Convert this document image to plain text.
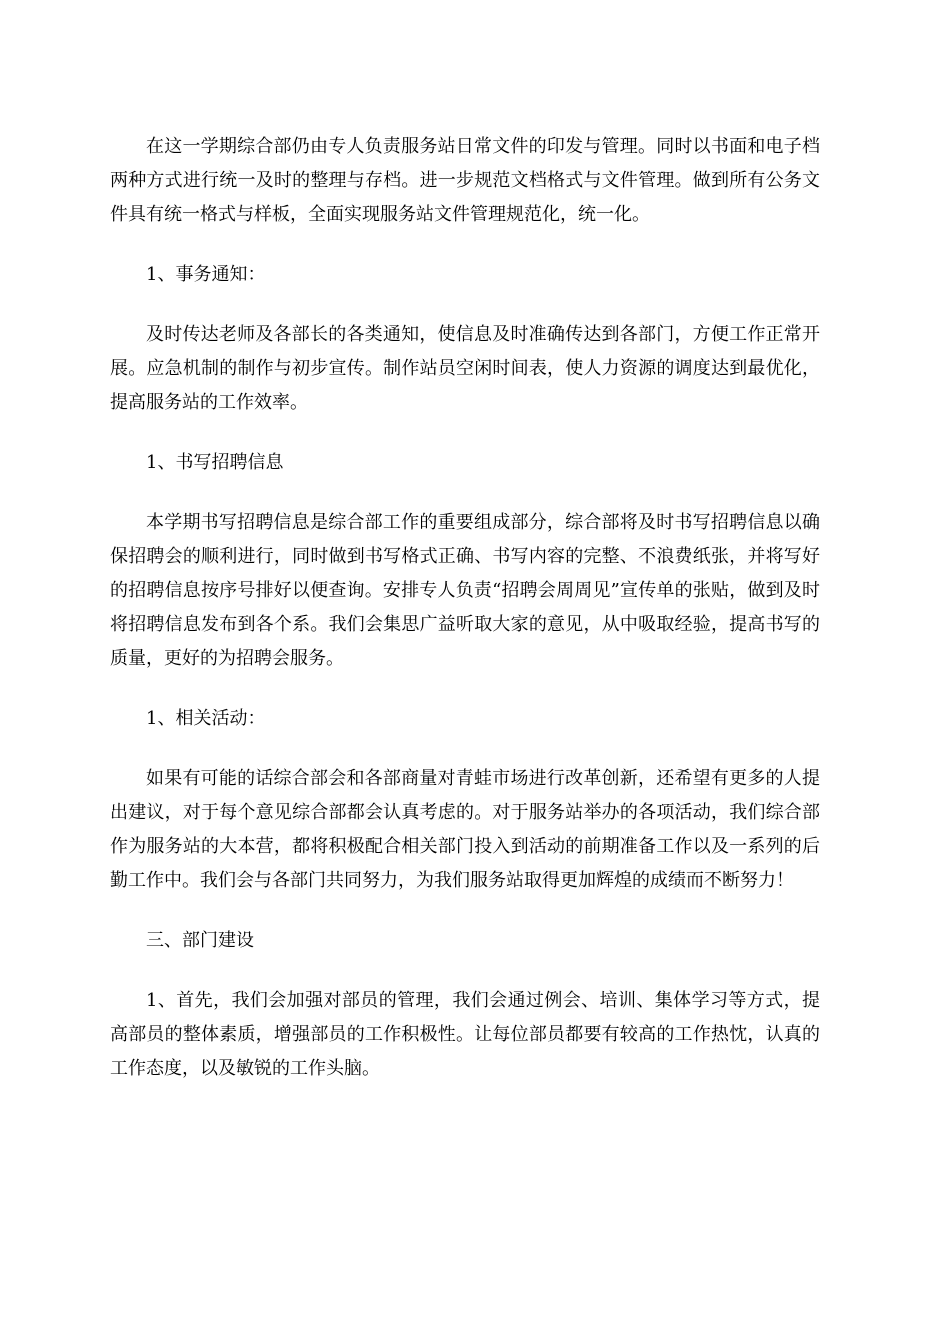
在这一学期综合部仍由专人负责服务站日常文件的印发与管理。同时以书面和电子档两种方式进行统一及时的整理与存档。进一步规范文档格式与文件管理。做到所有公务文件具有统一格式与样板，全面实现服务站文件管理规范化，统一化。

1、事务通知：

及时传达老师及各部长的各类通知，使信息及时准确传达到各部门，方便工作正常开展。应急机制的制作与初步宣传。制作站员空闲时间表，使人力资源的调度达到最优化，提高服务站的工作效率。

1、书写招聘信息

本学期书写招聘信息是综合部工作的重要组成部分，综合部将及时书写招聘信息以确保招聘会的顺利进行，同时做到书写格式正确、书写内容的完整、不浪费纸张，并将写好的招聘信息按序号排好以便查询。安排专人负责“招聘会周周见”宣传单的张贴，做到及时将招聘信息发布到各个系。我们会集思广益听取大家的意见，从中吸取经验，提高书写的质量，更好的为招聘会服务。

1、相关活动：

如果有可能的话综合部会和各部商量对青蛙市场进行改革创新，还希望有更多的人提出建议，对于每个意见综合部都会认真考虑的。对于服务站举办的各项活动，我们综合部作为服务站的大本营，都将积极配合相关部门投入到活动的前期准备工作以及一系列的后勤工作中。我们会与各部门共同努力，为我们服务站取得更加辉煌的成绩而不断努力！

三、部门建设

1、首先，我们会加强对部员的管理，我们会通过例会、培训、集体学习等方式，提高部员的整体素质，增强部员的工作积极性。让每位部员都要有较高的工作热忱，认真的工作态度，以及敏锐的工作头脑。
